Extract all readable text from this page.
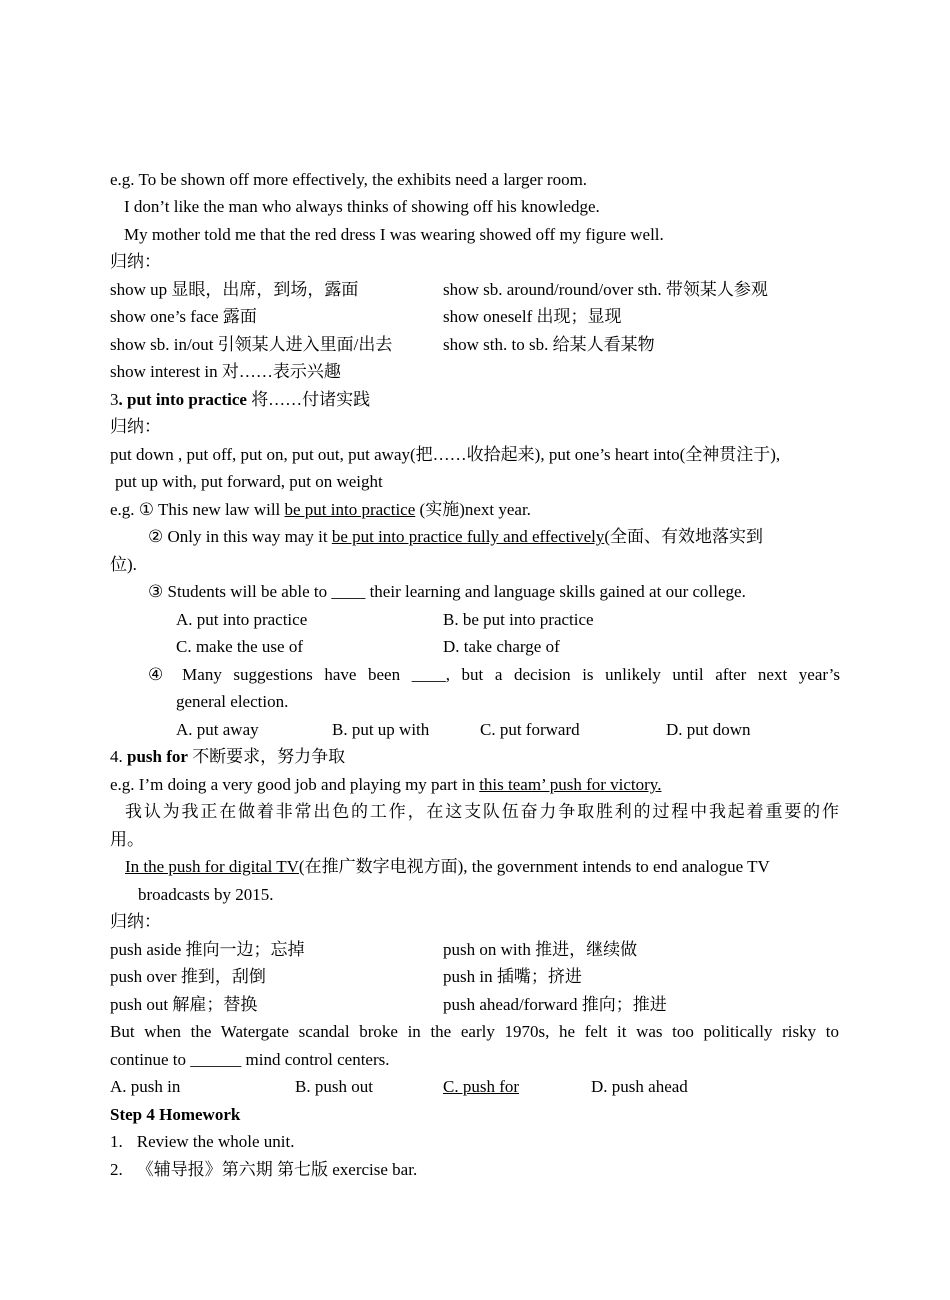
e.g. To be shown off more effectively, the exhibits need a larger room.
I don’t like the man who always thinks of showing off his knowledge.
My mother told me that the red dress I was wearing showed off my figure well.
归纳：
show up 显眼，出席，到场，露面	show sb. around/round/over sth. 带领某人参观
show one’s face 露面	show oneself 出现；显现
show sb. in/out 引领某人进入里面/出去	show sth. to sb. 给某人看某物
show interest in 对……表示兴趣
3. put into practice 将……付诸实践
归纳：
put down , put off, put on, put out, put away(把……收拾起来), put one’s heart into(全神贯注于),
put up with, put forward, put on weight
e.g. ① This new law will be put into practice (实施)next year.
② Only in this way may it be put into practice fully and effectively(全面、有效地落实到
位).
③ Students will be able to ____ their learning and language skills gained at our college.
A. put into practice	B. be put into practice
C. make the use of	D. take charge of
④ Many suggestions have been ____, but a decision is unlikely until after next year’s
general election.
A. put away	B. put up with	C. put forward	D. put down
4. push for 不断要求，努力争取
e.g. I’m doing a very good job and playing my part in this team’ push for victory.
我认为我正在做着非常出色的工作，在这支队伍奋力争取胜利的过程中我起着重要的作
用。
In the push for digital TV(在推广数字电视方面), the government intends to end analogue TV
broadcasts by 2015.
归纳：
push aside 推向一边；忘掉	push on with 推进，继续做
push over 推到，刮倒	push in 插嘴；挤进
push out 解雇；替换	push ahead/forward 推向；推进
But when the Watergate scandal broke in the early 1970s, he felt it was too politically risky to
continue to ______ mind control centers.
A. push in	B. push out	C. push for	D. push ahead
Step 4 Homework
1. Review the whole unit.
2. 《辅导报》第六期 第七版 exercise bar.
